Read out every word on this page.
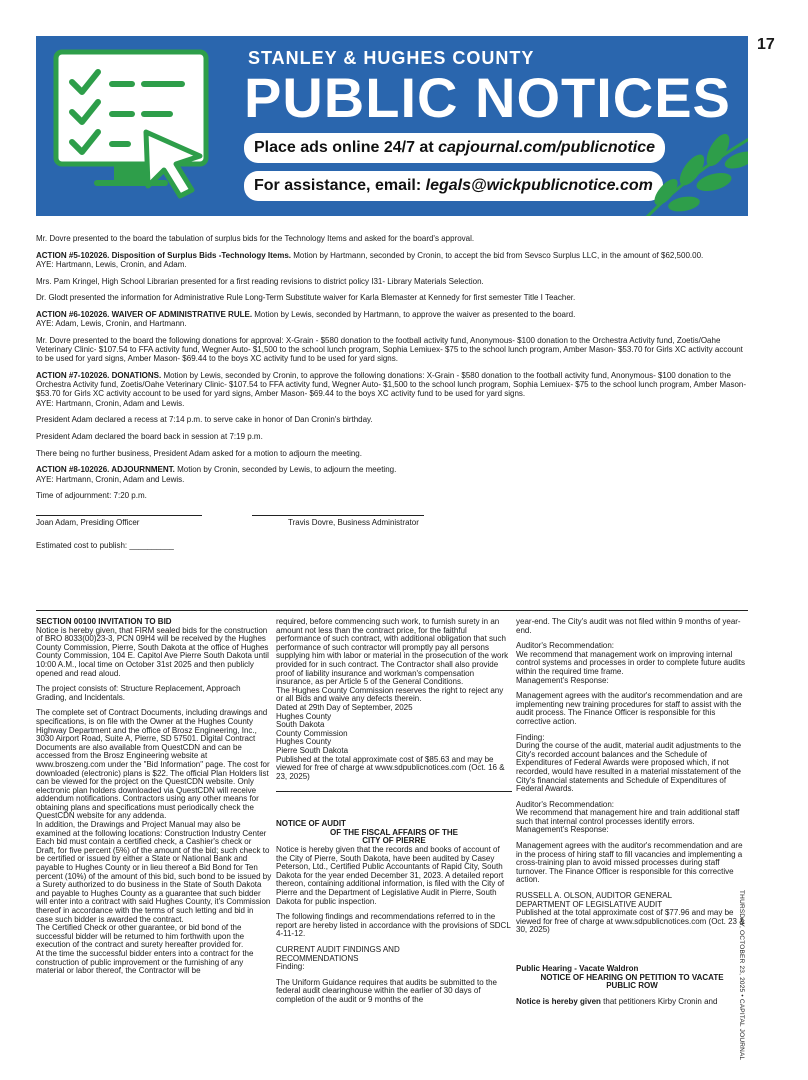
17
STANLEY & HUGHES COUNTY
PUBLIC NOTICES
Place ads online 24/7 at capjournal.com/publicnotice
For assistance, email: legals@wickpublicnotice.com

Mr. Dovre presented to the board the tabulation of surplus bids for the Technology Items and asked for the board's approval.

ACTION #5-102026. Disposition of Surplus Bids -Technology Items. Motion by Hartmann, seconded by Cronin, to accept the bid from Sevsco Surplus LLC, in the amount of $62,500.00.
AYE: Hartmann, Lewis, Cronin, and Adam.

Mrs. Pam Kringel, High School Librarian presented for a first reading revisions to district policy I31- Library Materials Selection.

Dr. Glodt presented the information for Administrative Rule Long-Term Substitute waiver for Karla Blemaster at Kennedy for first semester Title I Teacher.

ACTION #6-102026. WAIVER OF ADMINISTRATIVE RULE. Motion by Lewis, seconded by Hartmann, to approve the waiver as presented to the board.
AYE: Adam, Lewis, Cronin, and Hartmann.

Mr. Dovre presented to the board the following donations for approval: X-Grain - $580 donation to the football activity fund, Anonymous- $100 donation to the Orchestra Activity fund, Zoetis/Oahe Veterinary Clinic- $107.54 to FFA activity fund, Wegner Auto- $1,500 to the school lunch program, Sophia Lemiuex- $75 to the school lunch program, Amber Mason- $53.70 for Girls XC activity account to be used for yard signs, Amber Mason- $69.44 to the boys XC activity fund to be used for yard signs.

ACTION #7-102026. DONATIONS. Motion by Lewis, seconded by Cronin, to approve the following donations: X-Grain - $580 donation to the football activity fund, Anonymous- $100 donation to the Orchestra Activity fund, Zoetis/Oahe Veterinary Clinic- $107.54 to FFA activity fund, Wegner Auto- $1,500 to the school lunch program, Sophia Lemiuex- $75 to the school lunch program, Amber Mason- $53.70 for Girls XC activity account to be used for yard signs, Amber Mason- $69.44 to the boys XC activity fund to be used for yard signs.
AYE: Hartmann, Cronin, Adam and Lewis.

President Adam declared a recess at 7:14 p.m. to serve cake in honor of Dan Cronin's birthday.

President Adam declared the board back in session at 7:19 p.m.

There being no further business, President Adam asked for a motion to adjourn the meeting.

ACTION #8-102026. ADJOURNMENT. Motion by Cronin, seconded by Lewis, to adjourn the meeting.
AYE: Hartmann, Cronin, Adam and Lewis.

Time of adjournment: 7:20 p.m.

Joan Adam, Presiding Officer	Travis Dovre, Business Administrator

Estimated cost to publish: __________

SECTION 00100 INVITATION TO BID

Notice is hereby given, that FIRM sealed bids for the construction of BRO 8033(00)23-3, PCN 09H4 will be received by the Hughes County Commission, Pierre, South Dakota at the office of Hughes County Commission, 104 E. Capitol Ave Pierre South Dakota until 10:00 A.M., local time on October 31st 2025 and then publicly opened and read aloud.

The project consists of: Structure Replacement, Approach Grading, and Incidentals.

The complete set of Contract Documents, including drawings and specifications, is on file with the Owner at the Hughes County Highway Department and the office of Brosz Engineering, Inc., 3030 Airport Road, Suite A, Pierre, SD 57501. Digital Contract Documents are also available from QuestCDN and can be accessed from the Brosz Engineering website at www.broszeng.com under the "Bid Information" page. The cost for downloaded (electronic) plans is $22. The official Plan Holders list can be viewed for the project on the QuestCDN website. Only electronic plan holders downloaded via QuestCDN will receive addendum notifications. Contractors using any other means for obtaining plans and specifications must periodically check the QuestCDN website for any addenda.
In addition, the Drawings and Project Manual may also be examined at the following locations: Construction Industry Center
Each bid must contain a certified check, a Cashier's check or Draft, for five percent (5%) of the amount of the bid; such check to be certified or issued by either a State or National Bank and payable to Hughes County or in lieu thereof a Bid Bond for Ten percent (10%) of the amount of this bid, such bond to be issued by a Surety authorized to do business in the State of South Dakota and payable to Hughes County as a guarantee that such bidder will enter into a contract with said Hughes County, it's Commission thereof in accordance with the terms of such letting and bid in case such bidder is awarded the contract.
The Certified Check or other guarantee, or bid bond of the successful bidder will be returned to him forthwith upon the execution of the contract and surety hereafter provided for.
At the time the successful bidder enters into a contract for the construction of public improvement or the furnishing of any material or labor thereof, the Contractor will be
required, before commencing such work, to furnish surety in an amount not less than the contract price, for the faithful performance of such contract, with additional obligation that such performance of such contractor will promptly pay all persons supplying him with labor or material in the prosecution of the work provided for in such contract. The Contractor shall also provide proof of liability insurance and workman's compensation insurance, as per Article 5 of the General Conditions.
The Hughes County Commission reserves the right to reject any or all Bids and waive any defects therein.
Dated at 29th Day of September, 2025
Hughes County
South Dakota
County Commission
Hughes County
Pierre South Dakota
Published at the total approximate cost of $85.63 and may be viewed for free of charge at www.sdpublicnotices.com (Oct. 16 & 23, 2025)
NOTICE OF AUDIT
OF THE FISCAL AFFAIRS OF THE
CITY OF PIERRE

Notice is hereby given that the records and books of account of the City of Pierre, South Dakota, have been audited by Casey Peterson, Ltd., Certified Public Accountants of Rapid City, South Dakota for the year ended December 31, 2023. A detailed report thereon, containing additional information, is filed with the City of Pierre and the Department of Legislative Audit in Pierre, South Dakota for public inspection.

The following findings and recommendations referred to in the report are hereby listed in accordance with the provisions of SDCL 4-11-12.

CURRENT AUDIT FINDINGS AND
RECOMMENDATIONS

Finding:

The Uniform Guidance requires that audits be submitted to the federal audit clearinghouse within the earlier of 30 days of completion of the audit or 9 months of the

year-end. The City's audit was not filed within 9 months of year-end.

Auditor's Recommendation:
We recommend that management work on improving internal control systems and processes in order to complete future audits within the required time frame.

Management's Response:

Management agrees with the auditor's recommendation and are implementing new training procedures for staff to assist with the audit process. The Finance Officer is responsible for this corrective action.

Finding:

During the course of the audit, material audit adjustments to the City's recorded account balances and the Schedule of Expenditures of Federal Awards were proposed which, if not recorded, would have resulted in a material misstatement of the City's financial statements and Schedule of Expenditures of Federal Awards.

Auditor's Recommendation:
We recommend that management hire and train additional staff such that internal control processes identify errors.

Management's Response:

Management agrees with the auditor's recommendation and are in the process of hiring staff to fill vacancies and implementing a cross-training plan to avoid missed processes during staff turnover. The Finance Officer is responsible for this corrective action.

RUSSELL A. OLSON, AUDITOR GENERAL
DEPARTMENT OF LEGISLATIVE AUDIT

Published at the total approximate cost of $77.96 and may be viewed for free of charge at www.sdpublicnotices.com (Oct. 23 & 30, 2025)

Public Hearing - Vacate Waldron
NOTICE OF HEARING ON PETITION TO VACATE

PUBLIC ROW

Notice is hereby given that petitioners Kirby Cronin and	THURSDAY, OCTOBER 23, 2025 • CAPITAL JOURNAL
